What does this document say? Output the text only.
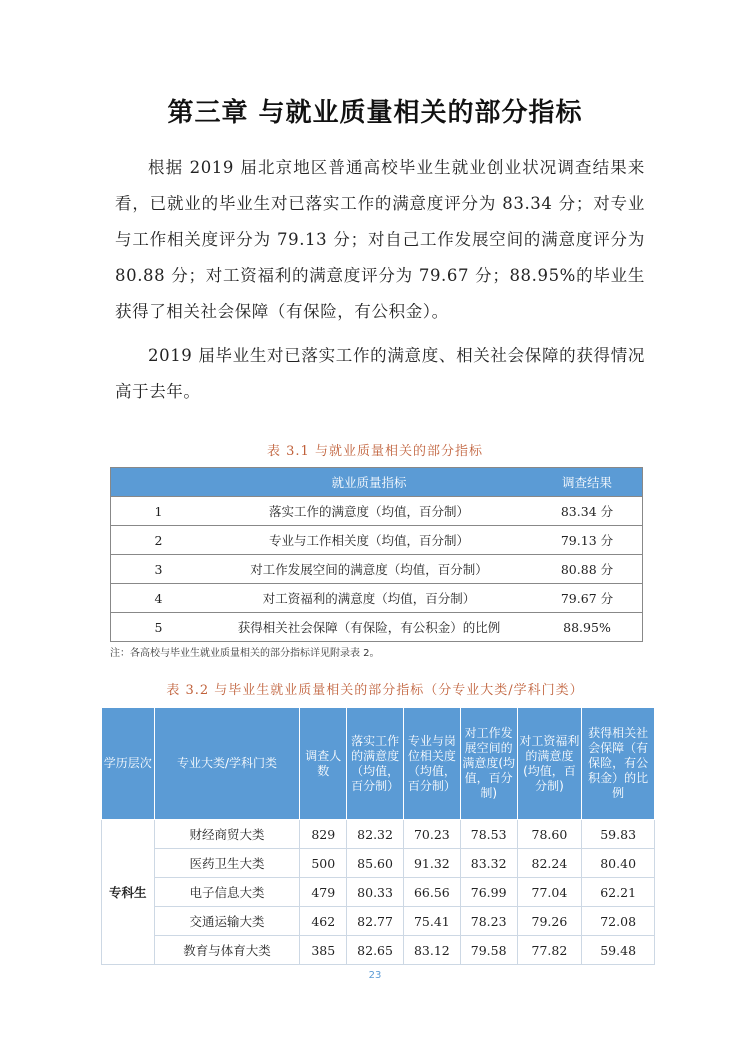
第三章 与就业质量相关的部分指标

根据 2019 届北京地区普通高校毕业生就业创业状况调查结果来看，已就业的毕业生对已落实工作的满意度评分为 83.34 分；对专业与工作相关度评分为 79.13 分；对自己工作发展空间的满意度评分为 80.88 分；对工资福利的满意度评分为 79.67 分；88.95%的毕业生获得了相关社会保障（有保险，有公积金）。

2019 届毕业生对已落实工作的满意度、相关社会保障的获得情况高于去年。

表 3.1 与就业质量相关的部分指标
	就业质量指标	调查结果
1	落实工作的满意度（均值，百分制）	83.34 分
2	专业与工作相关度（均值，百分制）	79.13 分
3	对工作发展空间的满意度（均值，百分制）	80.88 分
4	对工资福利的满意度（均值，百分制）	79.67 分
5	获得相关社会保障（有保险，有公积金）的比例	88.95%
注：各高校与毕业生就业质量相关的部分指标详见附录表 2。
表 3.2 与毕业生就业质量相关的部分指标（分专业大类/学科门类）
学历层次	专业大类/学科门类	调查人数	落实工作的满意度（均值，百分制）	专业与岗位相关度（均值，百分制）	对工作发展空间的满意度(均值，百分制)	对工资福利的满意度(均值，百分制)	获得相关社会保障（有保险，有公积金）的比例
专科生	财经商贸大类	829	82.32	70.23	78.53	78.60	59.83
	医药卫生大类	500	85.60	91.32	83.32	82.24	80.40
	电子信息大类	479	80.33	66.56	76.99	77.04	62.21
	交通运输大类	462	82.77	75.41	78.23	79.26	72.08
	教育与体育大类	385	82.65	83.12	79.58	77.82	59.48
23
